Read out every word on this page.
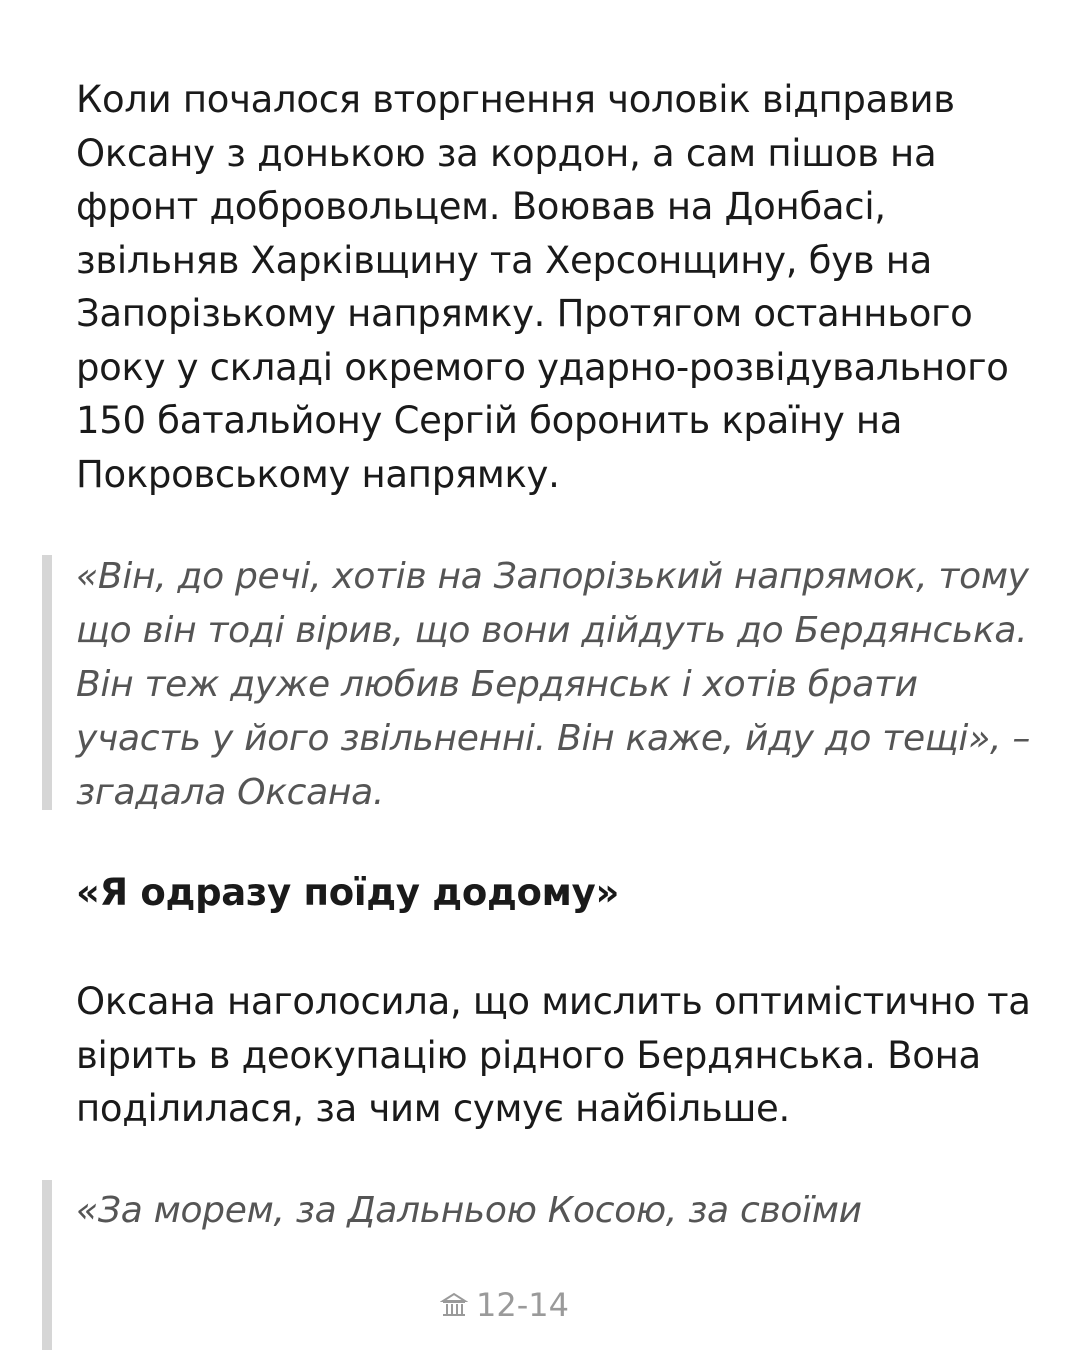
Коли почалося вторгнення чоловік відправив Оксану з донькою за кордон, а сам пішов на фронт добровольцем. Воював на Донбасі, звільняв Харківщину та Херсонщину, був на Запорізькому напрямку. Протягом останнього року у складі окремого ударно-розвідувального 150 батальйону Сергій боронить країну на Покровському напрямку.

«Він, до речі, хотів на Запорізький напрямок, тому що він тоді вірив, що вони дійдуть до Бердянська. Він теж дуже любив Бердянськ і хотів брати участь у його звільненні. Він каже, йду до тещі», – згадала Оксана.

«Я одразу поїду додому»

Оксана наголосила, що мислить оптимістично та вірить в деокупацію рідного Бердянська. Вона поділилася, за чим сумує найбільше.

«За морем, за Дальньою Косою, за своїми

12-14
